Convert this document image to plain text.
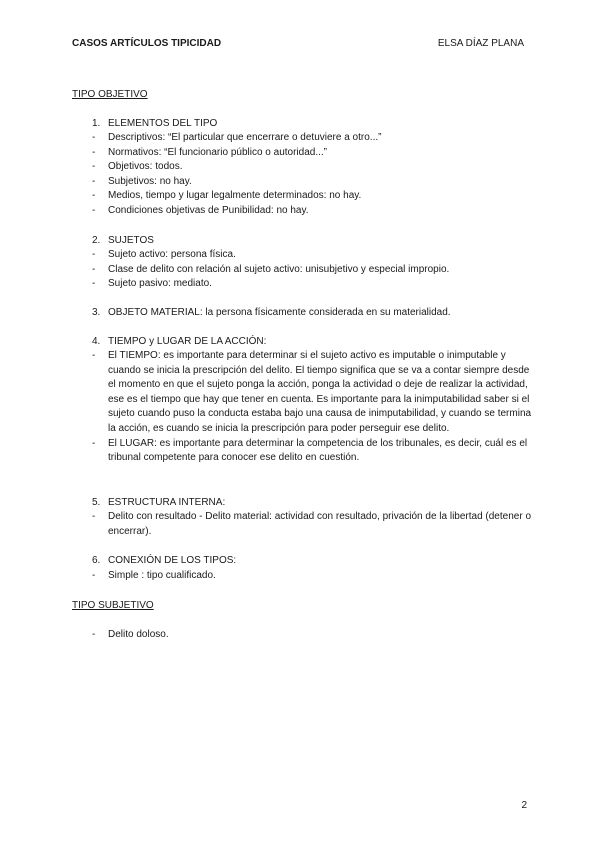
CASOS ARTÍCULOS TIPICIDAD	ELSA DÍAZ PLANA
TIPO OBJETIVO
1. ELEMENTOS DEL TIPO
- Descriptivos: “El particular que encerrare o detuviere a otro...”
- Normativos: “El funcionario público o autoridad...”
- Objetivos: todos.
- Subjetivos: no hay.
- Medios, tiempo y lugar legalmente determinados: no hay.
- Condiciones objetivas de Punibilidad: no hay.
2. SUJETOS
- Sujeto activo: persona física.
- Clase de delito con relación al sujeto activo: unisubjetivo y especial impropio.
- Sujeto pasivo: mediato.
3. OBJETO MATERIAL: la persona físicamente considerada en su materialidad.
4. TIEMPO y LUGAR DE LA ACCIÓN:
- El TIEMPO: es importante para determinar si el sujeto activo es imputable o inimputable y cuando se inicia la prescripción del delito. El tiempo significa que se va a contar siempre desde el momento en que el sujeto ponga la acción, ponga la actividad o deje de realizar la actividad, ese es el tiempo que hay que tener en cuenta. Es importante para la inimputabilidad saber si el sujeto cuando puso la conducta estaba bajo una causa de inimputabilidad, y cuando se termina la acción, es cuando se inicia la prescripción para poder perseguir ese delito.
- El LUGAR: es importante para determinar la competencia de los tribunales, es decir, cuál es el tribunal competente para conocer ese delito en cuestión.
5. ESTRUCTURA INTERNA:
- Delito con resultado - Delito material: actividad con resultado, privación de la libertad (detener o encerrar).
6. CONEXIÓN DE LOS TIPOS:
- Simple : tipo cualificado.
TIPO SUBJETIVO
- Delito doloso.
2
